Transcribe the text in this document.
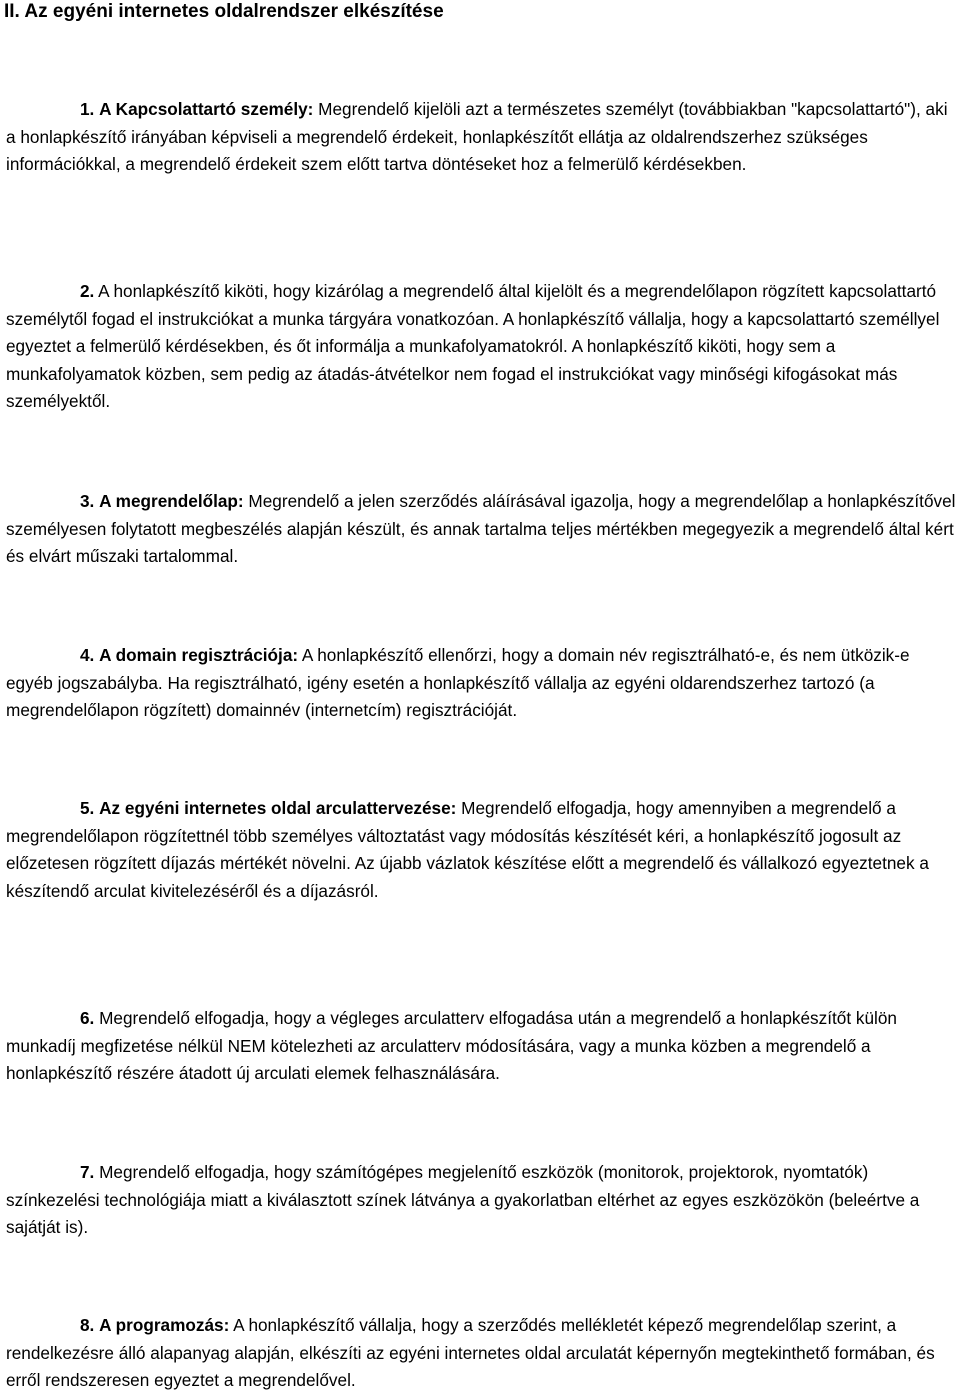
II. Az egyéni internetes oldalrendszer elkészítése

1. A Kapcsolattartó személy: Megrendelő kijelöli azt a természetes személyt (továbbiakban "kapcsolattartó"), aki a honlapkészítő irányában képviseli a megrendelő érdekeit, honlapkészítőt ellátja az oldalrendszerhez szükséges információkkal, a megrendelő érdekeit szem előtt tartva döntéseket hoz a felmerülő kérdésekben.

2. A honlapkészítő kiköti, hogy kizárólag a megrendelő által kijelölt és a megrendelőlapon rögzített kapcsolattartó személytől fogad el instrukciókat a munka tárgyára vonatkozóan. A honlapkészítő vállalja, hogy a kapcsolattartó személlyel egyeztet a felmerülő kérdésekben, és őt informálja a munkafolyamatokról. A honlapkészítő kiköti, hogy sem a munkafolyamatok közben, sem pedig az átadás-átvételkor nem fogad el instrukciókat vagy minőségi kifogásokat más személyektől.

3. A megrendelőlap: Megrendelő a jelen szerződés aláírásával igazolja, hogy a megrendelőlap a honlapkészítővel személyesen folytatott megbeszélés alapján készült, és annak tartalma teljes mértékben megegyezik a megrendelő által kért és elvárt műszaki tartalommal.

4. A domain regisztrációja: A honlapkészítő ellenőrzi, hogy a domain név regisztrálható-e, és nem ütközik-e egyéb jogszabályba. Ha regisztrálható, igény esetén a honlapkészítő vállalja az egyéni oldarendszerhez tartozó (a megrendelőlapon rögzített) domainnév (internetcím) regisztrációját.

5. Az egyéni internetes oldal arculattervezése: Megrendelő elfogadja, hogy amennyiben a megrendelő a megrendelőlapon rögzítettnél több személyes változtatást vagy módosítás készítését kéri, a honlapkészítő jogosult az előzetesen rögzített díjazás mértékét növelni. Az újabb vázlatok készítése előtt a megrendelő és vállalkozó egyeztetnek a készítendő arculat kivitelezéséről és a díjazásról.

6. Megrendelő elfogadja, hogy a végleges arculatterv elfogadása után a megrendelő a honlapkészítőt külön munkadíj megfizetése nélkül NEM kötelezheti az arculatterv módosítására, vagy a munka közben a megrendelő a honlapkészítő részére átadott új arculati elemek felhasználására.

7. Megrendelő elfogadja, hogy számítógépes megjelenítő eszközök (monitorok, projektorok, nyomtatók) színkezelési technológiája miatt a kiválasztott színek látványa a gyakorlatban eltérhet az egyes eszközökön (beleértve a sajátját is).

8. A programozás: A honlapkészítő vállalja, hogy a szerződés mellékletét képező megrendelőlap szerint, a rendelkezésre álló alapanyag alapján, elkészíti az egyéni internetes oldal arculatát képernyőn megtekinthető formában, és erről rendszeresen egyeztet a megrendelővel.
